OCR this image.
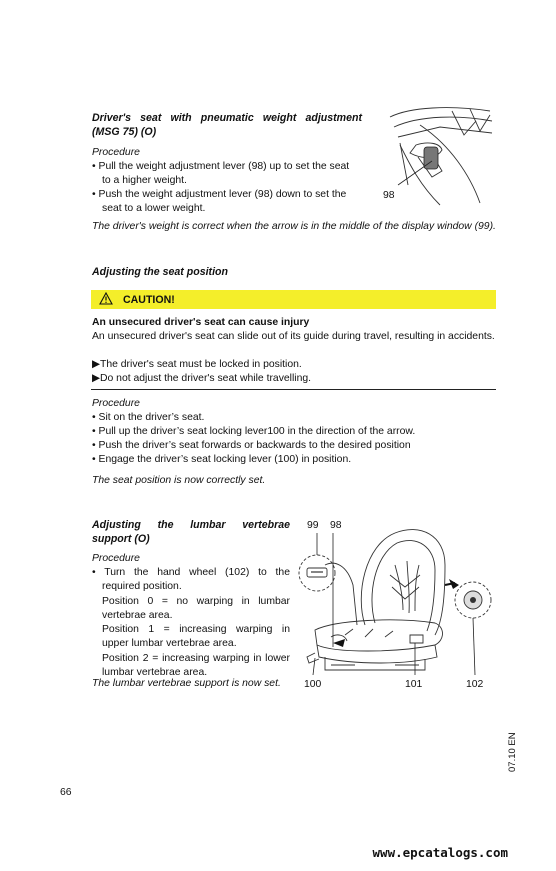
Driver's seat with pneumatic weight adjustment
(MSG 75) (O)
Procedure
• Pull the weight adjustment lever (98) up to set the seat
to a higher weight.
• Push the weight adjustment lever (98) down to set the
seat to a lower weight.
The driver's weight is correct when the arrow is in the middle of the display window (99).
98
Adjusting the seat position
CAUTION!
An unsecured driver's seat can cause injury
An unsecured driver's seat can slide out of its guide during travel, resulting in accidents.
▶The driver's seat must be locked in position.
▶Do not adjust the driver's seat while travelling.
Procedure
• Sit on the driver’s seat.
• Pull up the driver’s seat locking lever100 in the direction of the arrow.
• Push the driver’s seat forwards or backwards to the desired position
• Engage the driver’s seat locking lever (100) in position.
The seat position is now correctly set.
Adjusting the lumbar vertebrae
support (O)
Procedure
• Turn the hand wheel (102) to the
required position.
Position 0 = no warping in lumbar
vertebrae area.
Position 1 = increasing warping in
upper lumbar vertebrae area.
Position 2 = increasing warping in lower
lumbar vertebrae area.
The lumbar vertebrae support is now set.
99 98
100	101	102
07.10 EN
66
www.epcatalogs.com
